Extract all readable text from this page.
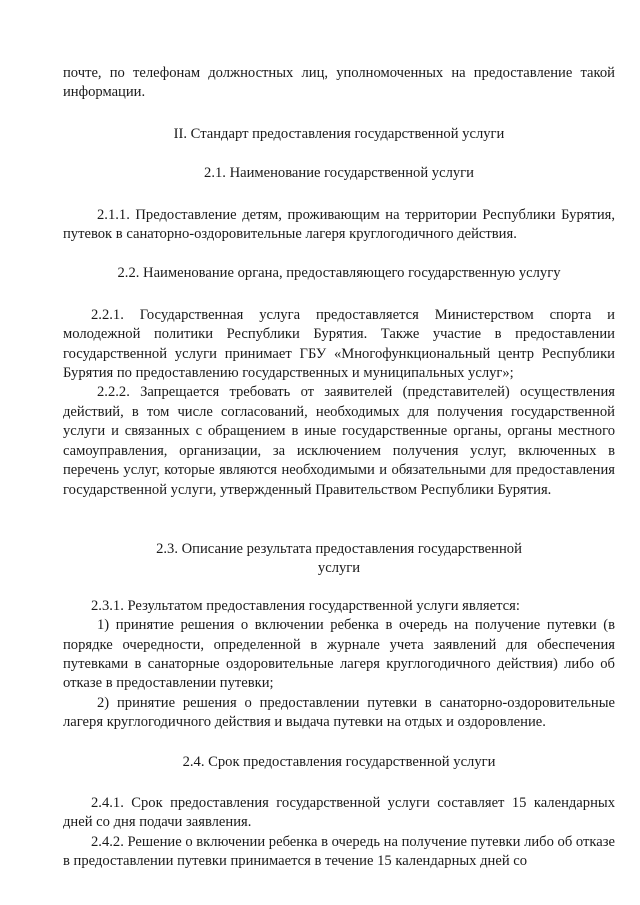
почте, по телефонам должностных лиц, уполномоченных на предоставление такой информации.

II. Стандарт предоставления государственной услуги

2.1. Наименование государственной услуги

2.1.1. Предоставление детям, проживающим на территории Республики Бурятия, путевок в санаторно-оздоровительные лагеря круглогодичного действия.

2.2. Наименование органа, предоставляющего государственную услугу

2.2.1. Государственная услуга предоставляется Министерством спорта и молодежной политики Республики Бурятия. Также участие в предоставлении государственной услуги принимает ГБУ «Многофункциональный центр Республики Бурятия по предоставлению государственных и муниципальных услуг»;

2.2.2. Запрещается требовать от заявителей (представителей) осуществления действий, в том числе согласований, необходимых для получения государственной услуги и связанных с обращением в иные государственные органы, органы местного самоуправления, организации, за исключением получения услуг, включенных в перечень услуг, которые являются необходимыми и обязательными для предоставления государственной услуги, утвержденный Правительством Республики Бурятия.

2.3. Описание результата предоставления государственной

услуги

2.3.1. Результатом предоставления государственной услуги является:

1) принятие решения о включении ребенка в очередь на получение путевки (в порядке очередности, определенной в журнале учета заявлений для обеспечения путевками в санаторные оздоровительные лагеря круглогодичного действия) либо об отказе в предоставлении путевки;

2) принятие решения о предоставлении путевки в санаторно-оздоровительные лагеря круглогодичного действия и выдача путевки на отдых и оздоровление.

2.4. Срок предоставления государственной услуги

2.4.1. Срок предоставления государственной услуги составляет 15 календарных дней со дня подачи заявления.

2.4.2. Решение о включении ребенка в очередь на получение путевки либо об отказе в предоставлении путевки принимается в течение 15 календарных дней со
